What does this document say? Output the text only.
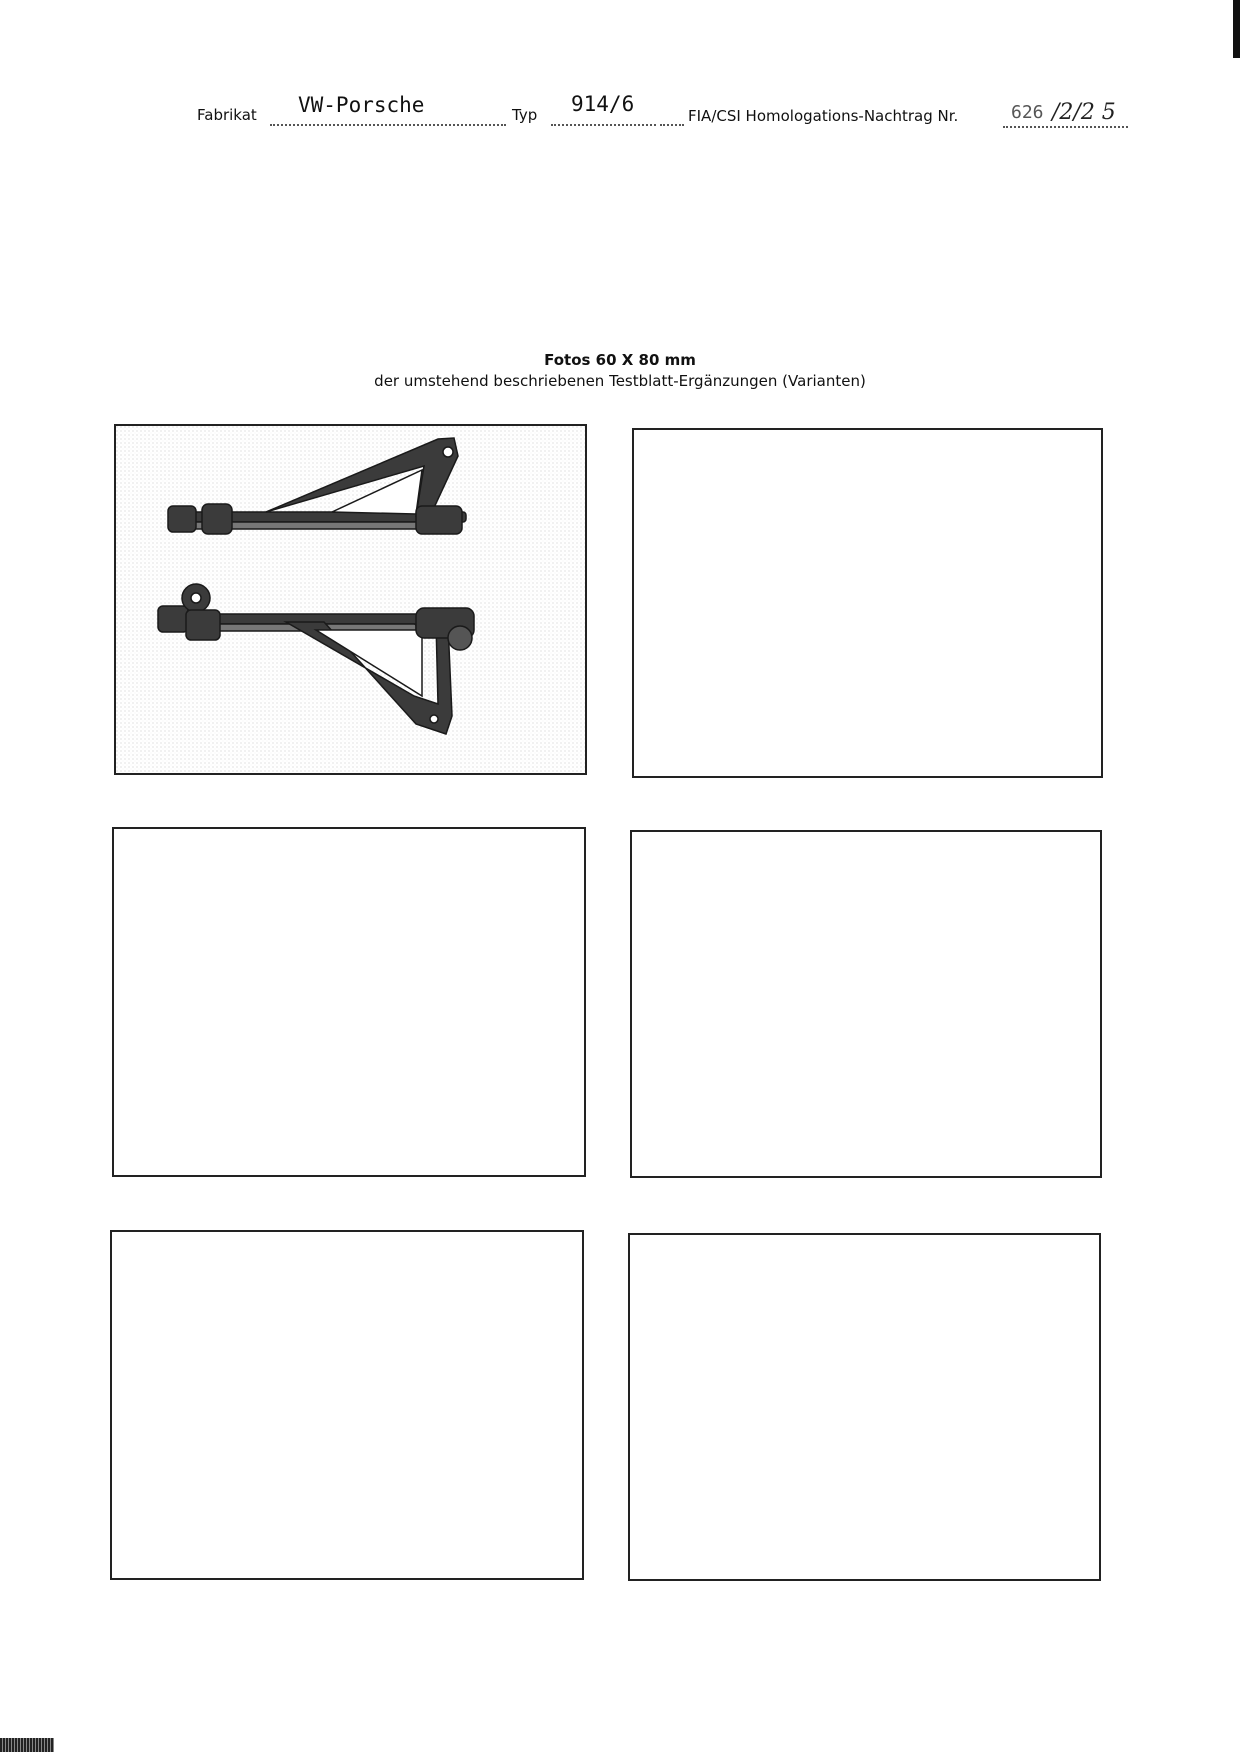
Fabrikat VW-Porsche	Typ 914/6	FIA/CSI Homologations-Nachtrag Nr.	626 /2/2 5
Fotos 60 X 80 mm
der umstehend beschriebenen Testblatt-Ergänzungen (Varianten)
